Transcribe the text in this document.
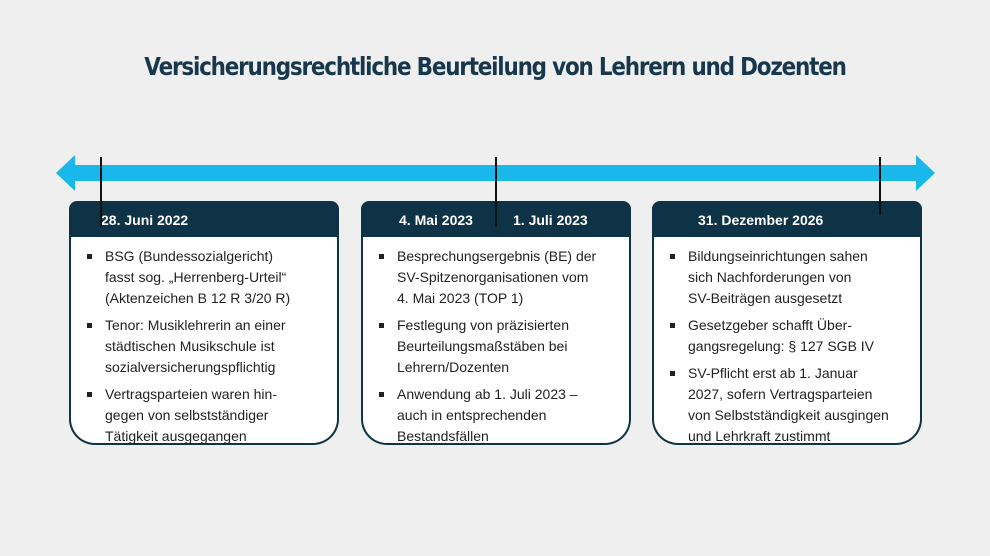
Versicherungsrechtliche Beurteilung von Lehrern und Dozenten
28. Juni 2022
BSG (Bundessozialgericht)
fasst sog. „Herrenberg-Urteil“
(Aktenzeichen B 12 R 3/20 R)
Tenor: Musiklehrerin an einer
städtischen Musikschule ist
sozialversicherungspflichtig
Vertragsparteien waren hin-
gegen von selbstständiger
Tätigkeit ausgegangen
4. Mai 2023	1. Juli 2023
Besprechungsergebnis (BE) der
SV-Spitzenorganisationen vom
4. Mai 2023 (TOP 1)
Festlegung von präzisierten
Beurteilungsmaßstäben bei
Lehrern/Dozenten
Anwendung ab 1. Juli 2023 –
auch in entsprechenden
Bestandsfällen
31. Dezember 2026
Bildungseinrichtungen sahen
sich Nachforderungen von
SV-Beiträgen ausgesetzt
Gesetzgeber schafft Über-
gangsregelung: § 127 SGB IV
SV-Pflicht erst ab 1. Januar
2027, sofern Vertragsparteien
von Selbstständigkeit ausgingen
und Lehrkraft zustimmt
